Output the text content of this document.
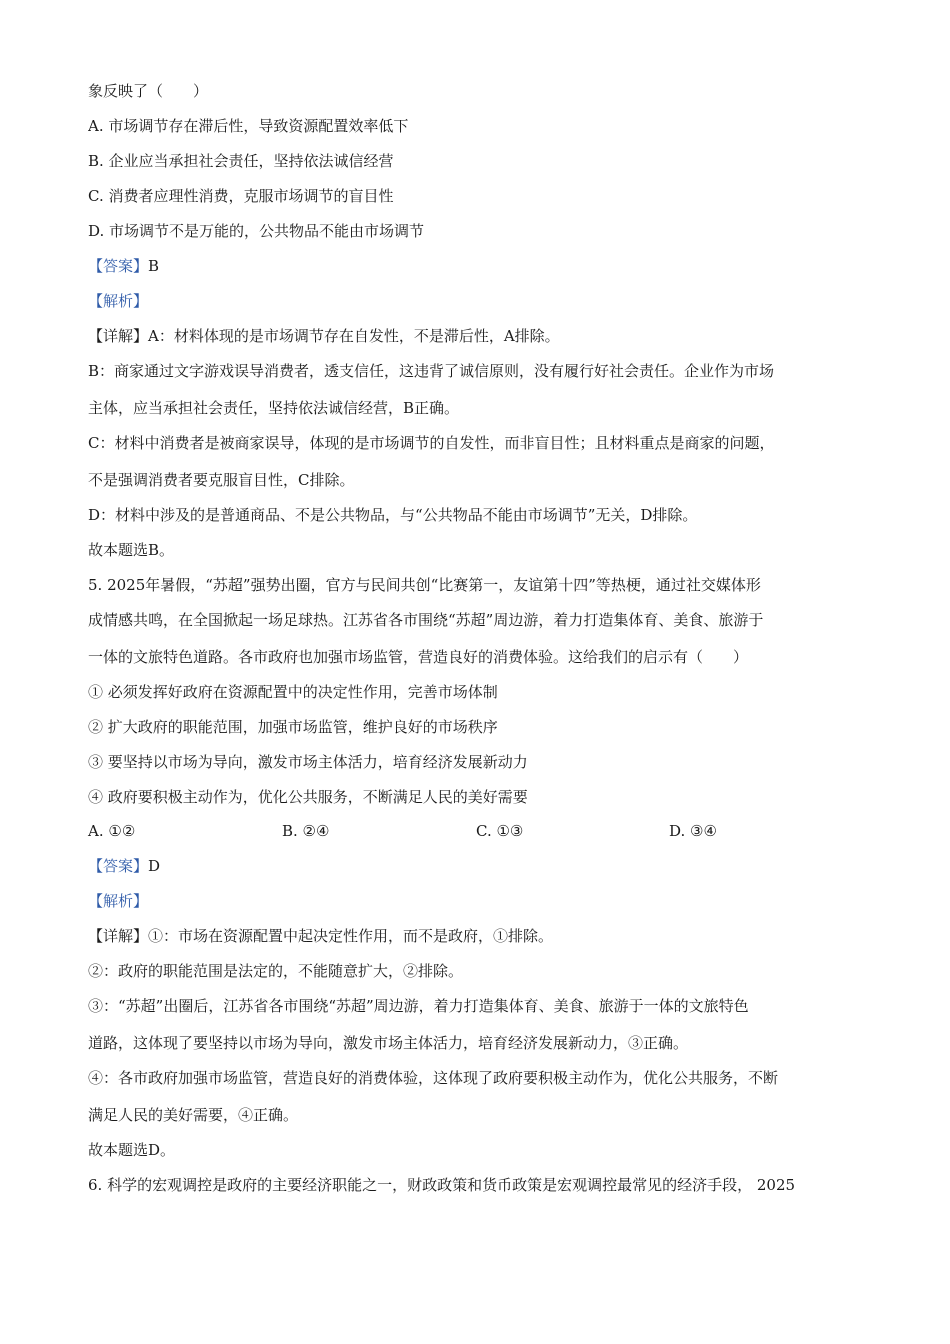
象反映了（　　）
A. 市场调节存在滞后性，导致资源配置效率低下
B. 企业应当承担社会责任，坚持依法诚信经营
C. 消费者应理性消费，克服市场调节的盲目性
D. 市场调节不是万能的，公共物品不能由市场调节
【答案】B
【解析】
【详解】A：材料体现的是市场调节存在自发性，不是滞后性，A排除。
B：商家通过文字游戏误导消费者，透支信任，这违背了诚信原则，没有履行好社会责任。企业作为市场
主体，应当承担社会责任，坚持依法诚信经营，B正确。
C：材料中消费者是被商家误导，体现的是市场调节的自发性，而非盲目性；且材料重点是商家的问题，
不是强调消费者要克服盲目性，C排除。
D：材料中涉及的是普通商品、不是公共物品，与“公共物品不能由市场调节”无关，D排除。
故本题选B。
5. 2025年暑假，“苏超”强势出圈，官方与民间共创“比赛第一，友谊第十四”等热梗，通过社交媒体形
成情感共鸣，在全国掀起一场足球热。江苏省各市围绕“苏超”周边游，着力打造集体育、美食、旅游于
一体的文旅特色道路。各市政府也加强市场监管，营造良好的消费体验。这给我们的启示有（　　）
① 必须发挥好政府在资源配置中的决定性作用，完善市场体制
② 扩大政府的职能范围，加强市场监管，维护良好的市场秩序
③ 要坚持以市场为导向，激发市场主体活力，培育经济发展新动力
④ 政府要积极主动作为，优化公共服务，不断满足人民的美好需要
A. ①②	B. ②④	C. ①③	D. ③④
【答案】D
【解析】
【详解】①：市场在资源配置中起决定性作用，而不是政府，①排除。
②：政府的职能范围是法定的，不能随意扩大，②排除。
③：“苏超”出圈后，江苏省各市围绕“苏超”周边游，着力打造集体育、美食、旅游于一体的文旅特色
道路，这体现了要坚持以市场为导向，激发市场主体活力，培育经济发展新动力，③正确。
④：各市政府加强市场监管，营造良好的消费体验，这体现了政府要积极主动作为，优化公共服务，不断
满足人民的美好需要，④正确。
故本题选D。
6. 科学的宏观调控是政府的主要经济职能之一，财政政策和货币政策是宏观调控最常见的经济手段， 2025
